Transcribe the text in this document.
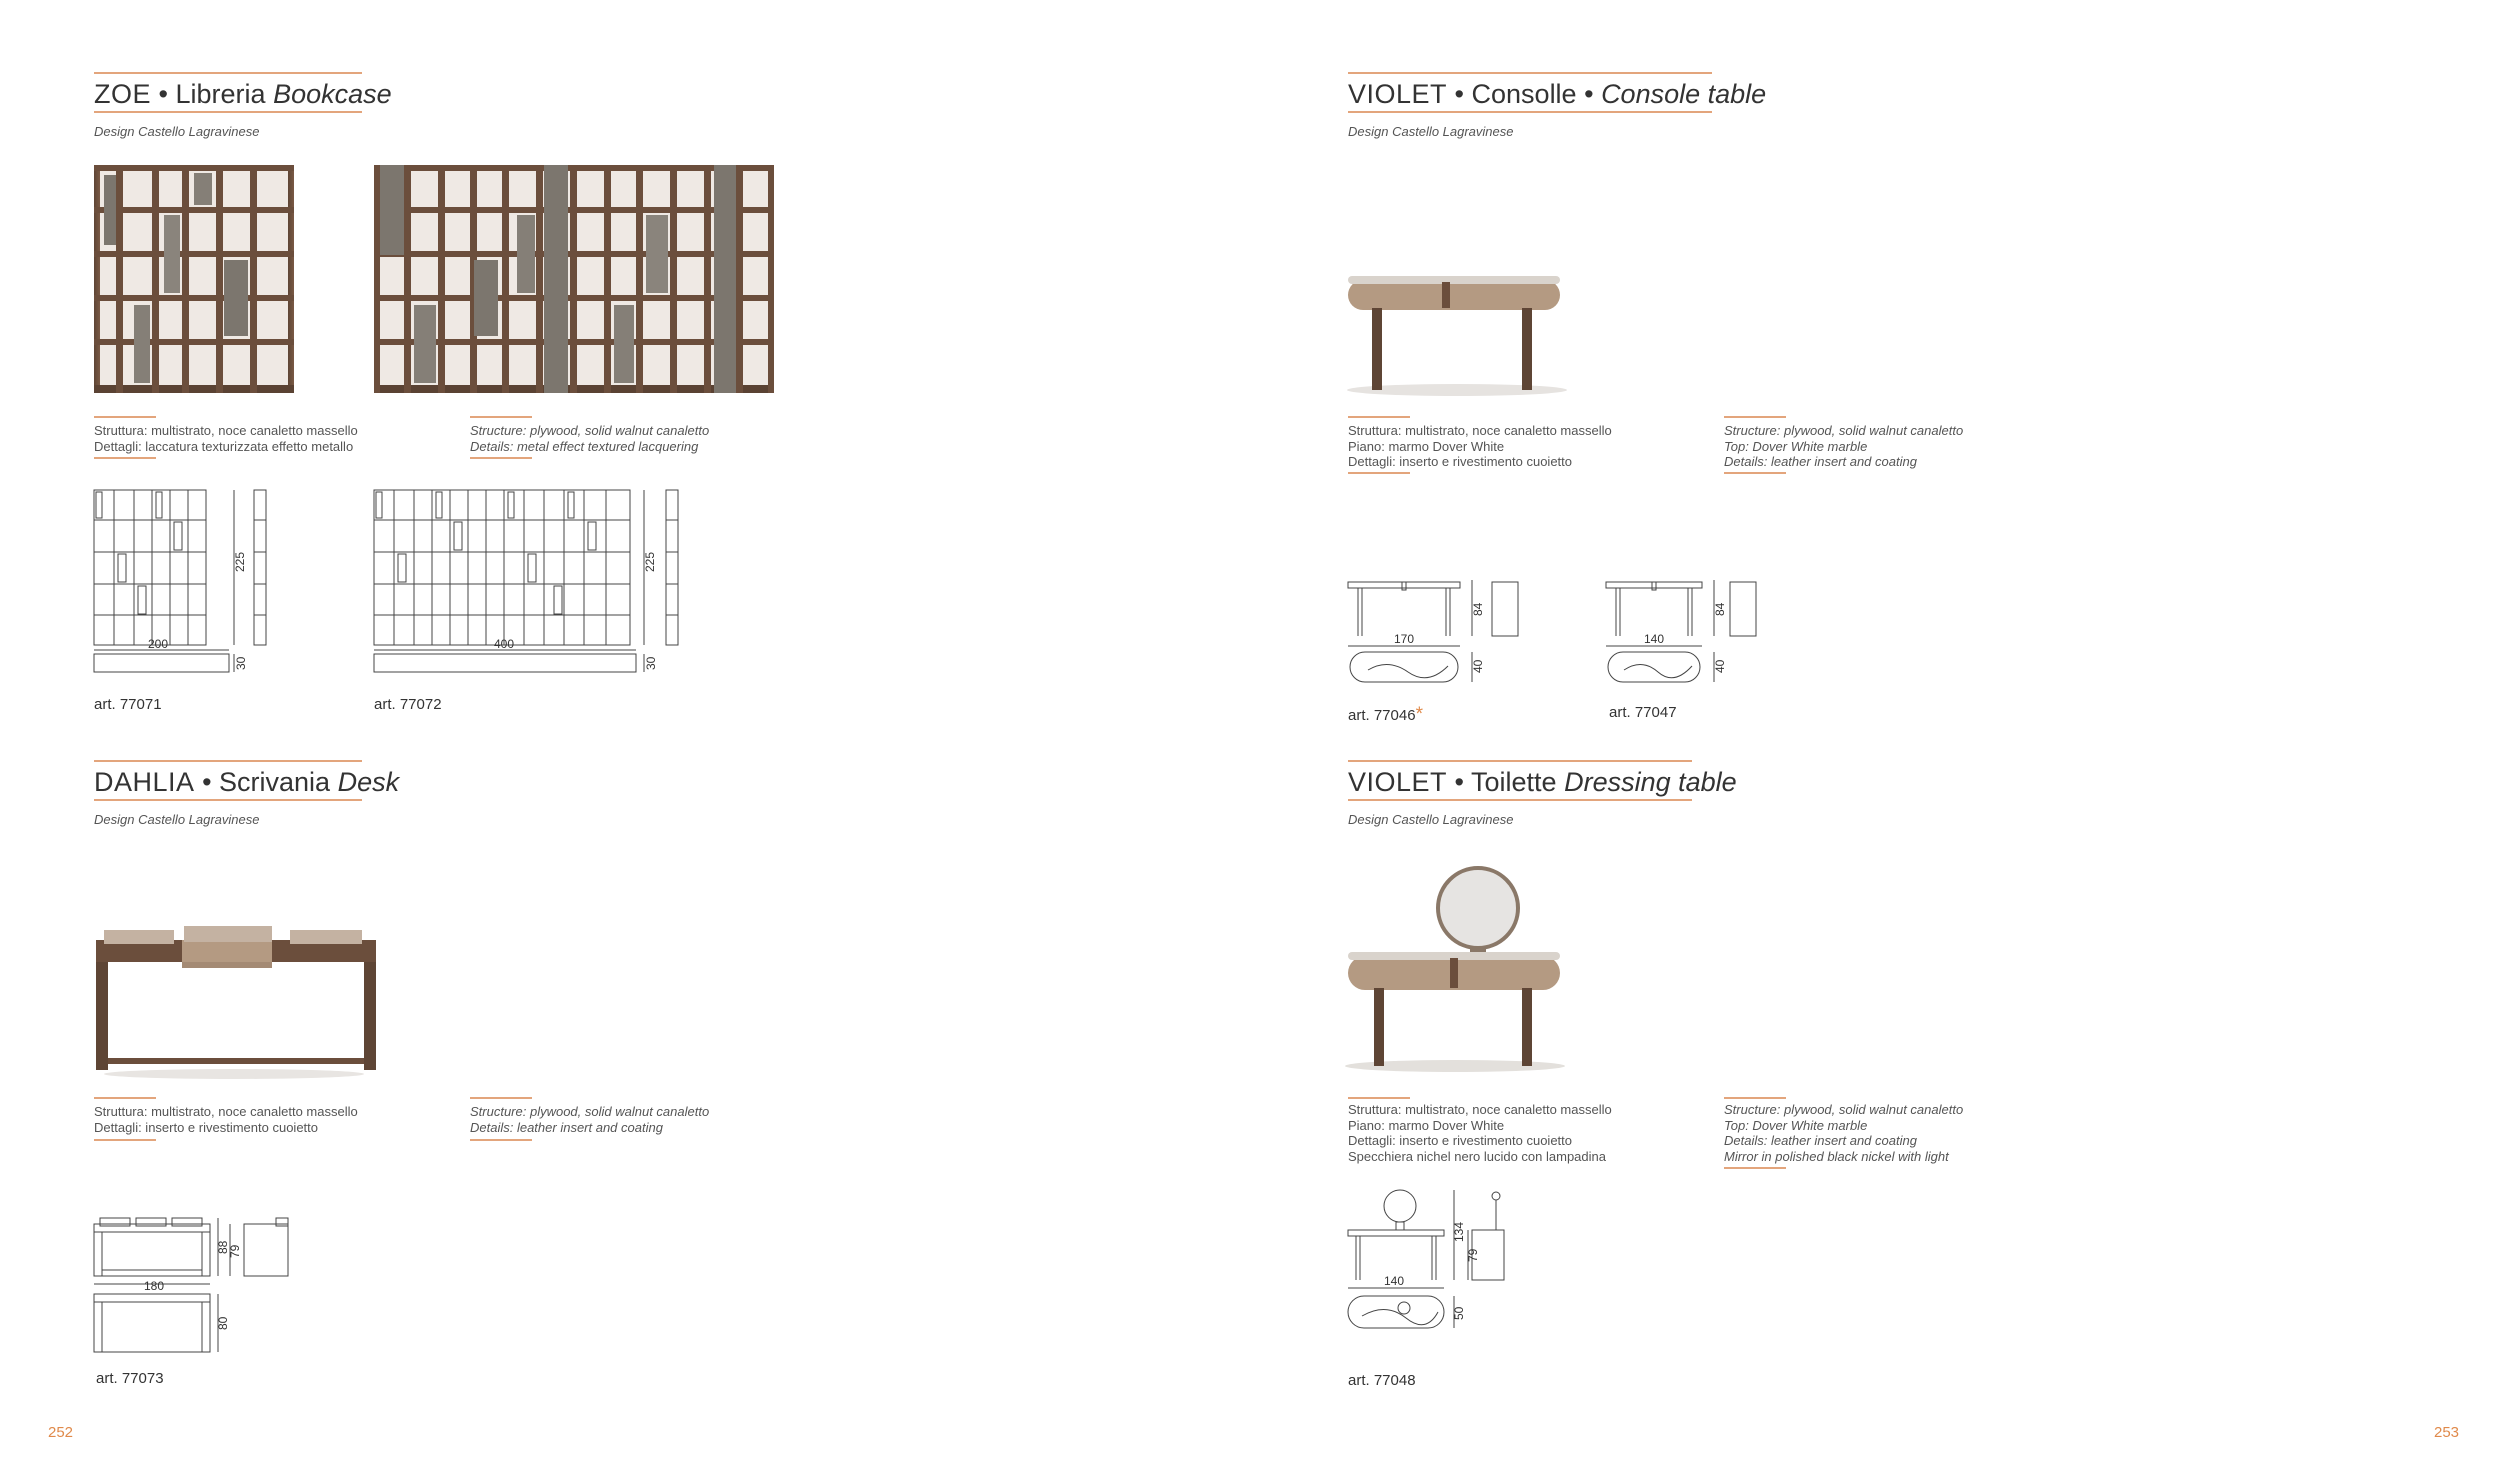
ZOE • Libreria Bookcase
Design Castello Lagravinese
Struttura: multistrato, noce canaletto massello
Dettagli: laccatura texturizzata effetto metallo
Structure: plywood, solid walnut canaletto
Details: metal effect textured lacquering
200
225
30
art. 77071
400
225
30
art. 77072
VIOLET • Consolle • Console table
Design Castello Lagravinese
Struttura: multistrato, noce canaletto massello
Piano: marmo Dover White
Dettagli: inserto e rivestimento cuoietto
Structure: plywood, solid walnut canaletto
Top: Dover White marble
Details: leather insert and coating
170
84
40
art. 77046*
140
84
40
art. 77047
DAHLIA • Scrivania Desk
Design Castello Lagravinese
Struttura: multistrato, noce canaletto massello
Dettagli: inserto e rivestimento cuoietto
Structure: plywood, solid walnut canaletto
Details: leather insert and coating
180
88
79
80
art. 77073
VIOLET • Toilette Dressing table
Design Castello Lagravinese
Struttura: multistrato, noce canaletto massello
Piano: marmo Dover White
Dettagli: inserto e rivestimento cuoietto
Specchiera nichel nero lucido con lampadina
Structure: plywood, solid walnut canaletto
Top: Dover White marble
Details: leather insert and coating
Mirror in polished black nickel with light
140
134
79
50
art. 77048
252	253
